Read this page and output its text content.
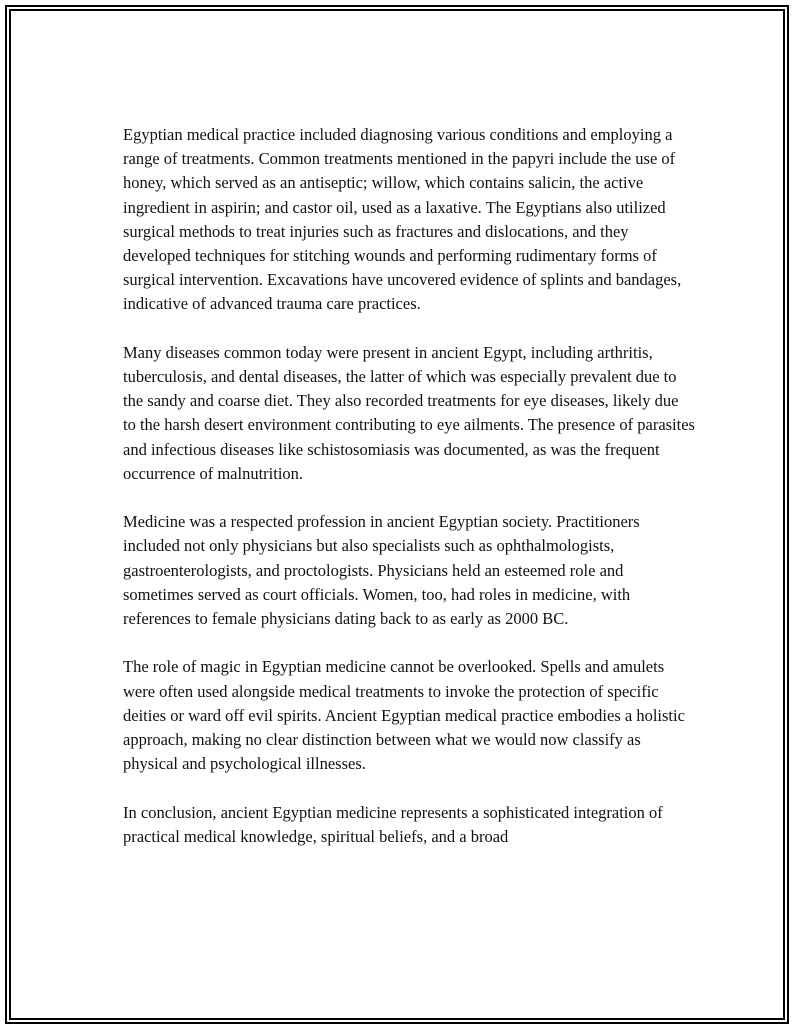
Egyptian medical practice included diagnosing various conditions and employing a range of treatments. Common treatments mentioned in the papyri include the use of honey, which served as an antiseptic; willow, which contains salicin, the active ingredient in aspirin; and castor oil, used as a laxative. The Egyptians also utilized surgical methods to treat injuries such as fractures and dislocations, and they developed techniques for stitching wounds and performing rudimentary forms of surgical intervention. Excavations have uncovered evidence of splints and bandages, indicative of advanced trauma care practices.

Many diseases common today were present in ancient Egypt, including arthritis, tuberculosis, and dental diseases, the latter of which was especially prevalent due to the sandy and coarse diet. They also recorded treatments for eye diseases, likely due to the harsh desert environment contributing to eye ailments. The presence of parasites and infectious diseases like schistosomiasis was documented, as was the frequent occurrence of malnutrition.

Medicine was a respected profession in ancient Egyptian society. Practitioners included not only physicians but also specialists such as ophthalmologists, gastroenterologists, and proctologists. Physicians held an esteemed role and sometimes served as court officials. Women, too, had roles in medicine, with references to female physicians dating back to as early as 2000 BC.

The role of magic in Egyptian medicine cannot be overlooked. Spells and amulets were often used alongside medical treatments to invoke the protection of specific deities or ward off evil spirits. Ancient Egyptian medical practice embodies a holistic approach, making no clear distinction between what we would now classify as physical and psychological illnesses.

In conclusion, ancient Egyptian medicine represents a sophisticated integration of practical medical knowledge, spiritual beliefs, and a broad
